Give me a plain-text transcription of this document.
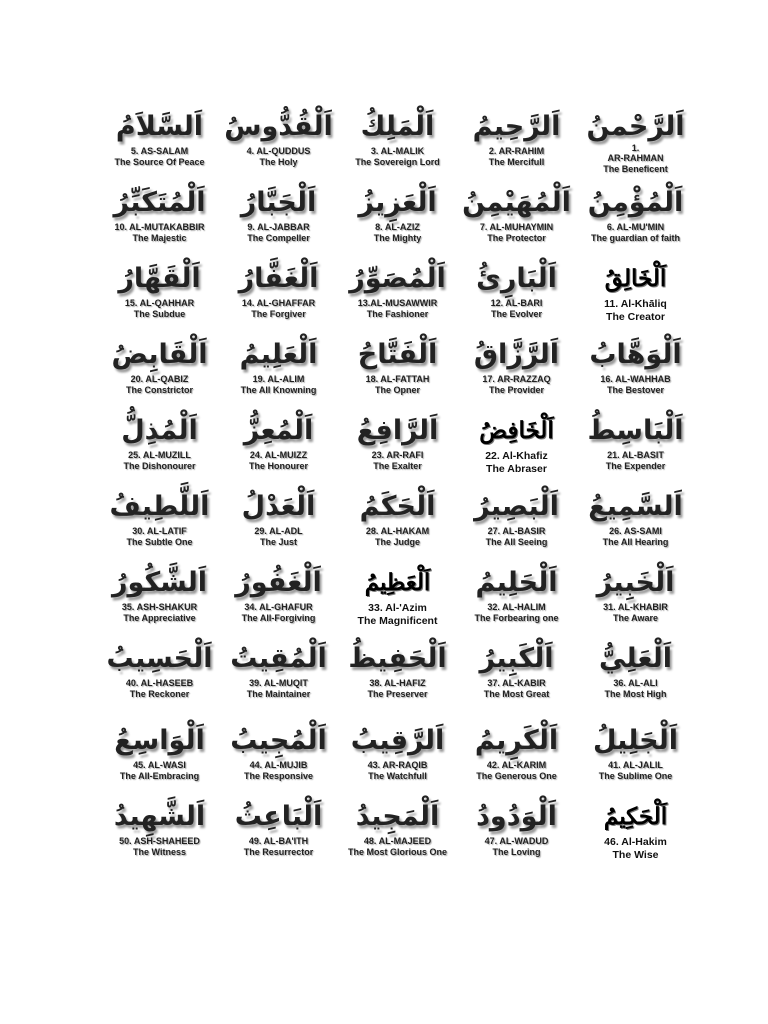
اَلرَّحْمنُ
1.
AR-RAHMAN
The Beneficent
اَلرَّحِيمُ
2. AR-RAHIM
The Mercifull
اَلْمَلِكُ
3. AL-MALIK
The Sovereign Lord
اَلْقُدُّوسُ
4. AL-QUDDUS
The Holy
اَلسَّلاَمُ
5. AS-SALAM
The Source Of Peace
اَلْمُؤْمِنُ
6. AL-MU'MIN
The guardian of faith
اَلْمُهَيْمِنُ
7. AL-MUHAYMIN
The Protector
اَلْعَزِيزُ
8. AL-AZIZ
The Mighty
اَلْجَبَّارُ
9. AL-JABBAR
The Compeller
اَلْمُتَكَبِّرُ
10. AL-MUTAKABBIR
The Majestic
اَلْخَالِقُ
11. Al-Khāliq
The Creator
اَلْبَارِئُ
12. AL-BARI
The Evolver
اَلْمُصَوِّرُ
13.AL-MUSAWWIR
The Fashioner
اَلْغَفَّارُ
14. AL-GHAFFAR
The Forgiver
اَلْقَهَّارُ
15. AL-QAHHAR
The Subdue
اَلْوَهَّابُ
16. AL-WAHHAB
The Bestover
اَلرَّزَّاقُ
17. AR-RAZZAQ
The Provider
اَلْفَتَّاحُ
18. AL-FATTAH
The Opner
اَلْعَلِيمُ
19. AL-ALIM
The All Knowning
اَلْقَابِضُ
20. AL-QABIZ
The Constrictor
اَلْبَاسِطُ
21. AL-BASIT
The Expender
اَلْخَافِضُ
22. Al-Khafiz
The Abraser
اَلرَّافِعُ
23. AR-RAFI
The Exalter
اَلْمُعِزُّ
24. AL-MUIZZ
The Honourer
اَلْمُذِلُّ
25. AL-MUZILL
The Dishonourer
اَلسَّمِيعُ
26. AS-SAMI
The All Hearing
اَلْبَصِيرُ
27. AL-BASIR
The All Seeing
اَلْحَكَمُ
28. AL-HAKAM
The Judge
اَلْعَدْلُ
29. AL-ADL
The Just
اَللَّطِيفُ
30. AL-LATIF
The Subtle One
اَلْخَبِيرُ
31. AL-KHABIR
The Aware
اَلْحَلِيمُ
32. AL-HALIM
The Forbearing one
اَلْعَظِيمُ
33. Al-'Azim
The Magnificent
اَلْغَفُورُ
34. AL-GHAFUR
The All-Forgiving
اَلشَّكُورُ
35. ASH-SHAKUR
The Appreciative
اَلْعَلِيُّ
36. AL-ALI
The Most High
اَلْكَبِيرُ
37. AL-KABIR
The Most Great
اَلْحَفِيظُ
38. AL-HAFIZ
The Preserver
اَلْمُقِيتُ
39. AL-MUQIT
The Maintainer
اَلْحَسِيبُ
40. AL-HASEEB
The Reckoner
اَلْجَلِيلُ
41. AL-JALIL
The Sublime One
اَلْكَرِيمُ
42. AL-KARIM
The Generous One
اَلرَّقِيبُ
43. AR-RAQIB
The Watchfull
اَلْمُجِيبُ
44. AL-MUJIB
The Responsive
اَلْوَاسِعُ
45. AL-WASI
The All-Embracing
اَلْحَكِيمُ
46. Al-Hakim
The Wise
اَلْوَدُودُ
47. AL-WADUD
The Loving
اَلْمَجِيدُ
48. AL-MAJEED
The Most Glorious One
اَلْبَاعِثُ
49. AL-BA'ITH
The Resurrector
اَلشَّهِيدُ
50. ASH-SHAHEED
The Witness
